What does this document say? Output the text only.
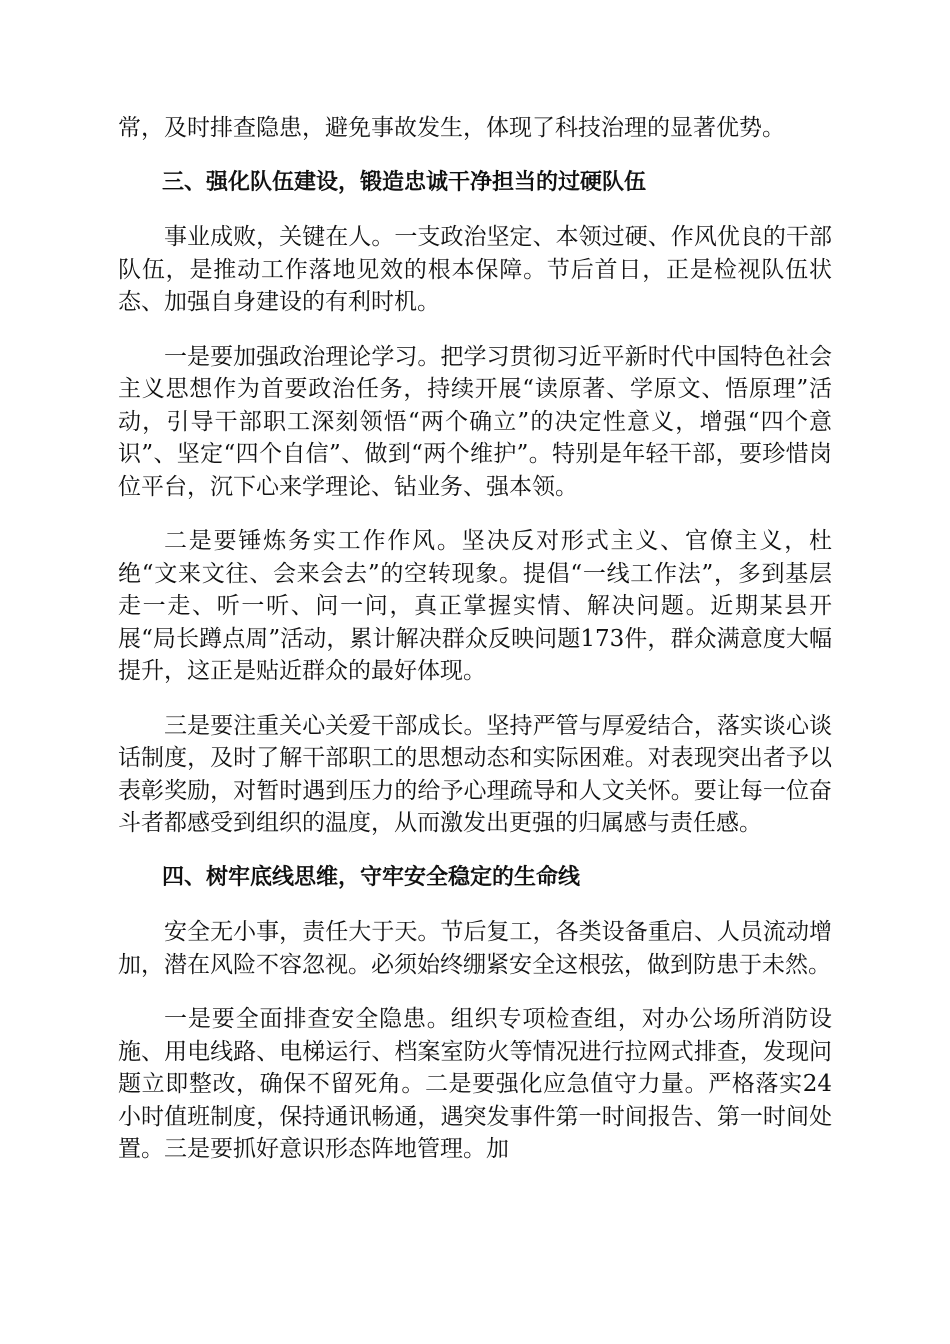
常，及时排查隐患，避免事故发生，体现了科技治理的显著优势。

三、强化队伍建设，锻造忠诚干净担当的过硬队伍

事业成败，关键在人。一支政治坚定、本领过硬、作风优良的干部队伍，是推动工作落地见效的根本保障。节后首日，正是检视队伍状态、加强自身建设的有利时机。

一是要加强政治理论学习。把学习贯彻习近平新时代中国特色社会主义思想作为首要政治任务，持续开展“读原著、学原文、悟原理”活动，引导干部职工深刻领悟“两个确立”的决定性意义，增强“四个意识”、坚定“四个自信”、做到“两个维护”。特别是年轻干部，要珍惜岗位平台，沉下心来学理论、钻业务、强本领。

二是要锤炼务实工作作风。坚决反对形式主义、官僚主义，杜绝“文来文往、会来会去”的空转现象。提倡“一线工作法”，多到基层走一走、听一听、问一问，真正掌握实情、解决问题。近期某县开展“局长蹲点周”活动，累计解决群众反映问题173件，群众满意度大幅提升，这正是贴近群众的最好体现。

三是要注重关心关爱干部成长。坚持严管与厚爱结合，落实谈心谈话制度，及时了解干部职工的思想动态和实际困难。对表现突出者予以表彰奖励，对暂时遇到压力的给予心理疏导和人文关怀。要让每一位奋斗者都感受到组织的温度，从而激发出更强的归属感与责任感。

四、树牢底线思维，守牢安全稳定的生命线

安全无小事，责任大于天。节后复工，各类设备重启、人员流动增加，潜在风险不容忽视。必须始终绷紧安全这根弦，做到防患于未然。

一是要全面排查安全隐患。组织专项检查组，对办公场所消防设施、用电线路、电梯运行、档案室防火等情况进行拉网式排查，发现问题立即整改，确保不留死角。二是要强化应急值守力量。严格落实24小时值班制度，保持通讯畅通，遇突发事件第一时间报告、第一时间处置。三是要抓好意识形态阵地管理。加
